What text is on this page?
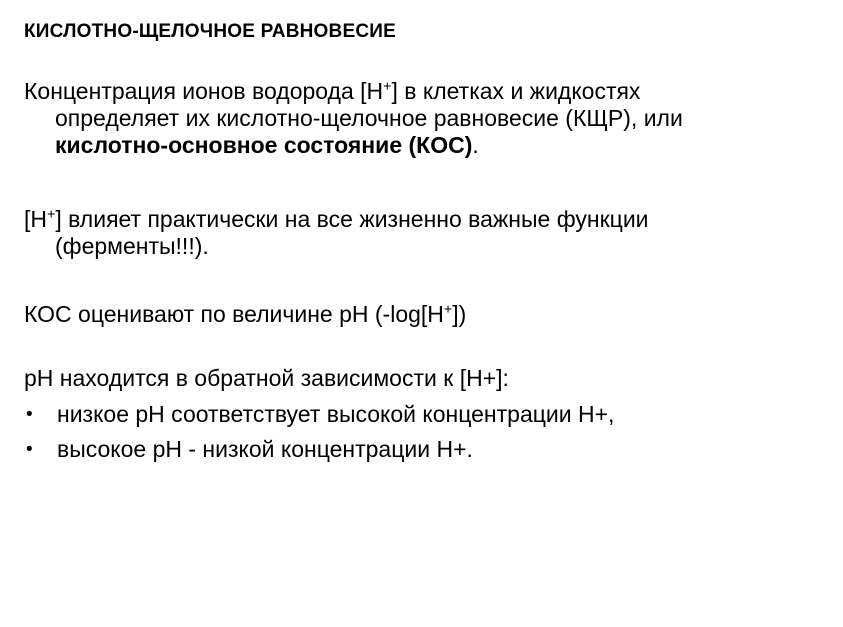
КИСЛОТНО-ЩЕЛОЧНОЕ РАВНОВЕСИЕ
Концентрация ионов водорода [H+] в клетках и жидкостях
определяет их кислотно-щелочное равновесие (КЩР), или
кислотно-основное состояние (КОС).
[H+] влияет практически на все жизненно важные функции
(ферменты!!!).
КОС оценивают по величине pH (-log[H+])
pH находится в обратной зависимости к [H+]:
•	низкое pH соответствует высокой концентрации Н+,
•	высокое pH - низкой концентрации Н+.
